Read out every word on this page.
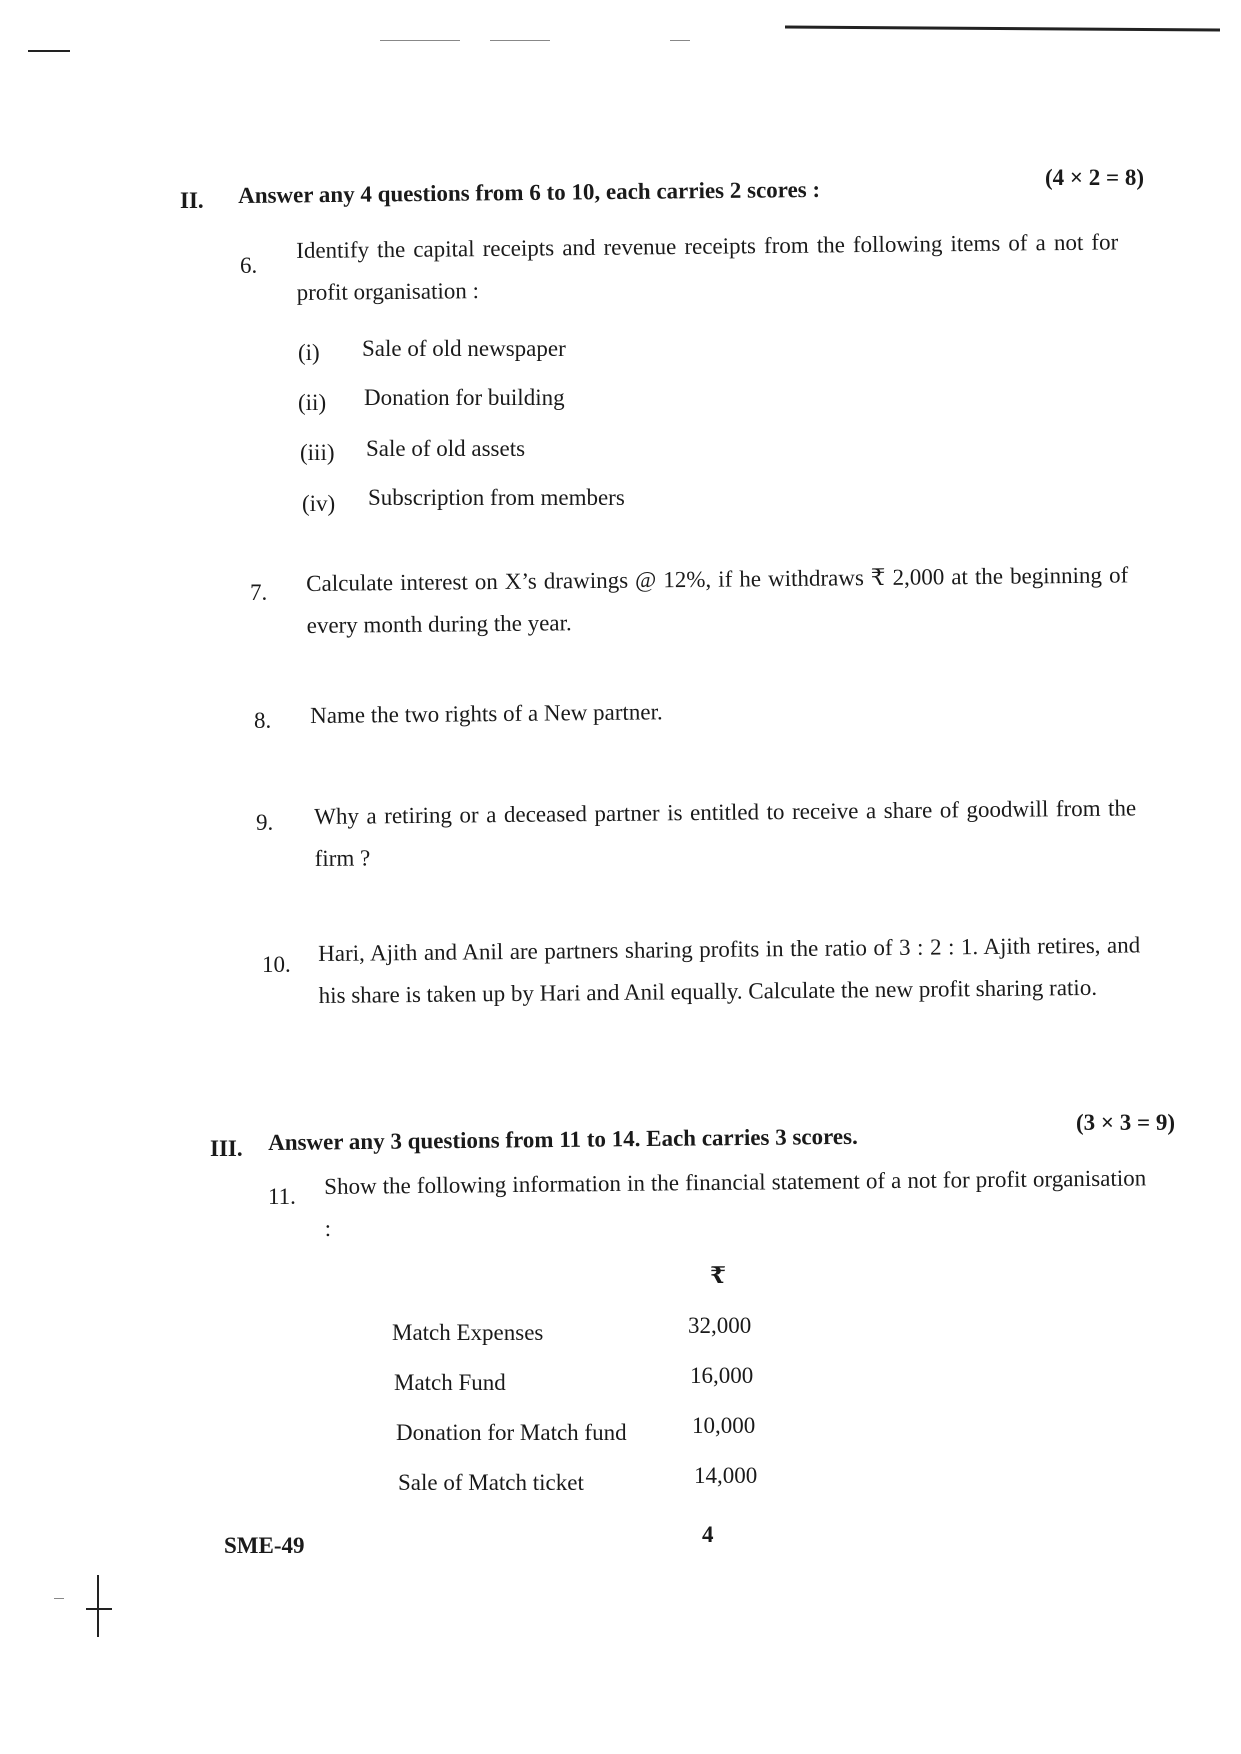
II. Answer any 4 questions from 6 to 10, each carries 2 scores :	(4 × 2 = 8)
6.
Identify the capital receipts and revenue receipts from the following items of a not for profit organisation :
(i) Sale of old newspaper
(ii) Donation for building
(iii) Sale of old assets
(iv) Subscription from members
7. Calculate interest on X’s drawings @ 12%, if he withdraws ₹ 2,000 at the beginning of every month during the year.
8. Name the two rights of a New partner.
9. Why a retiring or a deceased partner is entitled to receive a share of goodwill from the firm ?
10. Hari, Ajith and Anil are partners sharing profits in the ratio of 3 : 2 : 1. Ajith retires, and his share is taken up by Hari and Anil equally. Calculate the new profit sharing ratio.
III. Answer any 3 questions from 11 to 14. Each carries 3 scores.
(3 × 3 = 9)
11. Show the following information in the financial statement of a not for profit organisation :
₹
Match Expenses	32,000
Match Fund	16,000
Donation for Match fund	10,000
Sale of Match ticket	14,000
SME-49	4
